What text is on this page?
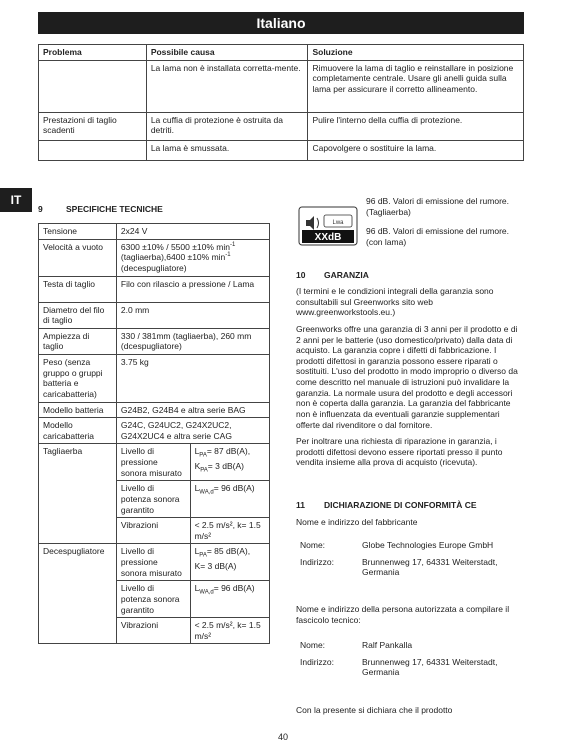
Italiano
Problema	Possibile causa	Soluzione
	La lama non è installata corretta-mente.	Rimuovere la lama di taglio e reinstallare in posizione completamente centrale. Usare gli anelli guida sulla lama per assicurare il corretto allineamento.
Prestazioni di taglio scadenti	La cuffia di protezione è ostruita da detriti.	Pulire l'interno della cuffia di protezione.
	La lama è smussata.	Capovolgere o sostituire la lama.
IT
9	SPECIFICHE TECNICHE
Tensione	2x24 V	
Velocità a vuoto	6300 ±10% / 5500 ±10% $\min^{-1}$ (tagliaerba),6400 ±10% $\min^{-1}$ (decespugliatore)	
Testa di taglio	Filo con rilascio a pressione / Lama	
Diametro del filo di taglio	2.0 mm	
Ampiezza di taglio	330 / 381mm (tagliaerba), 260 mm (dcespugliatore)	
Peso (senza gruppo o gruppi batteria e caricabatteria)	3.75 kg	
Modello batteria	G24B2, G24B4 e altra serie BAG	
Modello caricabatteria	G24C, G24UC2, G24X2UC2, G24X2UC4 e altra serie CAG	
Tagliaerba	Livello di pressione sonora misurato	$L_{PA}= 87$ dB(A),
$K_{PA}= 3$ dB(A)
	Livello di potenza sonora garantito	$L_{WA,d}= 96$ dB(A)
	Vibrazioni	< 2.5 m/s², k= 1.5 m/s²
Decespugliatore	Livello di pressione sonora misurato	$L_{PA}= 85$ dB(A),
K= 3 dB(A)
	Livello di potenza sonora garantito	$L_{WA,d}= 96$ dB(A)
	Vibrazioni	< 2.5 m/s², k= 1.5 m/s²
Lwa
XXdB
96 dB. Valori di emissione del rumore. (Tagliaerba)
96 dB. Valori di emissione del rumore. (con lama)
10 GARANZIA

(I termini e le condizioni integrali della garanzia sono consultabili sul Greenworks sito web www.greenworkstools.eu.)

Greenworks offre una garanzia di 3 anni per il prodotto e di 2 anni per le batterie (uso domestico/privato) dalla data di acquisto. La garanzia copre i difetti di fabbricazione. I prodotti difettosi in garanzia possono essere riparati o sostituiti. L'uso del prodotto in modo improprio o diverso da come descritto nel manuale di istruzioni può invalidare la garanzia. La normale usura del prodotto e degli accessori non è coperta dalla garanzia. La garanzia del fabbricante non è influenzata da eventuali garanzie supplementari offerte dal rivenditore o dal fornitore.

Per inoltrare una richiesta di riparazione in garanzia, i prodotti difettosi devono essere riportati presso il punto vendita insieme alla prova di acquisto (ricevuta).

11 DICHIARAZIONE DI CONFORMITÀ CE
Nome e indirizzo del fabbricante
Nome:	Globe Technologies Europe GmbH
Indirizzo:	Brunnenweg 17, 64331 Weiterstadt, Germania
Nome e indirizzo della persona autorizzata a compilare il fascicolo tecnico:
Nome:	Ralf Pankalla
Indirizzo:	Brunnenweg 17, 64331 Weiterstadt, Germania
Con la presente si dichiara che il prodotto
40
